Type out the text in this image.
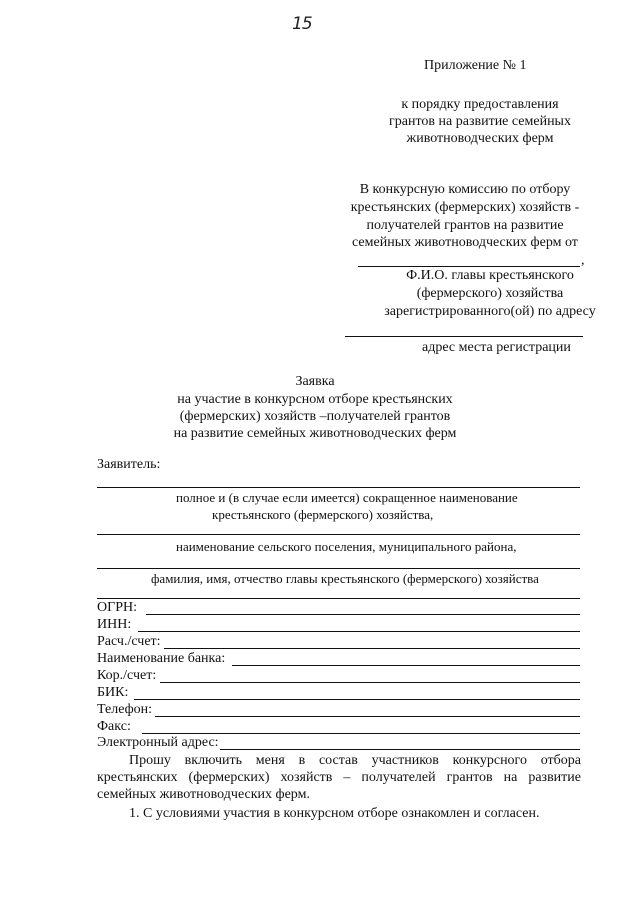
15
Приложение № 1
к порядку предоставления
грантов на развитие семейных
животноводческих ферм
В конкурсную комиссию по отбору
крестьянских (фермерских) хозяйств -
получателей грантов на развитие
семейных животноводческих ферм от
,
Ф.И.О. главы крестьянского
(фермерского) хозяйства
зарегистрированного(ой) по адресу
адрес места регистрации
Заявка
на участие в конкурсном отборе крестьянских
(фермерских) хозяйств –получателей грантов
на развитие семейных животноводческих ферм
Заявитель:
полное и (в случае если имеется) сокращенное наименование
крестьянского (фермерского) хозяйства,
наименование сельского поселения, муниципального района,
фамилия, имя, отчество главы крестьянского (фермерского) хозяйства
ОГРН:
ИНН:
Расч./счет:
Наименование банка:
Кор./счет:
БИК:
Телефон:
Факс:
Электронный адрес:
Прошу включить меня в состав участников конкурсного отбора крестьянских (фермерских) хозяйств – получателей грантов на развитие семейных животноводческих ферм.
1. С условиями участия в конкурсном отборе ознакомлен и согласен.
